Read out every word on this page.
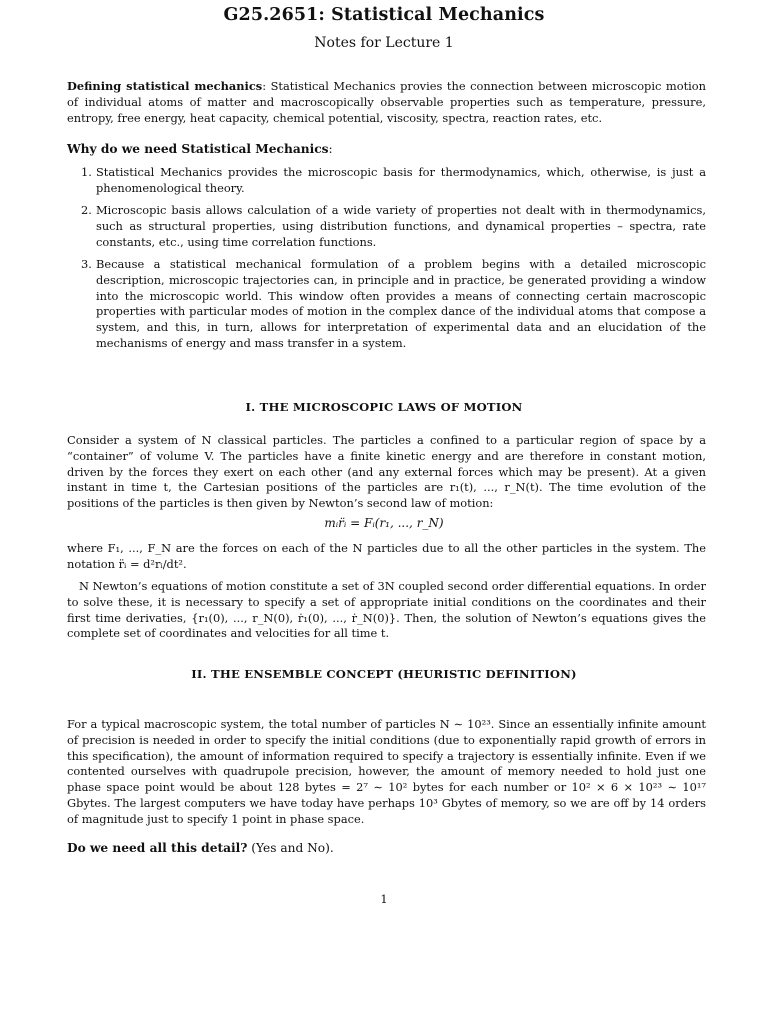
G25.2651: Statistical Mechanics
Notes for Lecture 1
Defining statistical mechanics: Statistical Mechanics provies the connection between microscopic motion of individual atoms of matter and macroscopically observable properties such as temperature, pressure, entropy, free energy, heat capacity, chemical potential, viscosity, spectra, reaction rates, etc.
Why do we need Statistical Mechanics:
1. Statistical Mechanics provides the microscopic basis for thermodynamics, which, otherwise, is just a phenomenological theory.
2. Microscopic basis allows calculation of a wide variety of properties not dealt with in thermodynamics, such as structural properties, using distribution functions, and dynamical properties – spectra, rate constants, etc., using time correlation functions.
3. Because a statistical mechanical formulation of a problem begins with a detailed microscopic description, microscopic trajectories can, in principle and in practice, be generated providing a window into the microscopic world. This window often provides a means of connecting certain macroscopic properties with particular modes of motion in the complex dance of the individual atoms that compose a system, and this, in turn, allows for interpretation of experimental data and an elucidation of the mechanisms of energy and mass transfer in a system.
I. THE MICROSCOPIC LAWS OF MOTION
Consider a system of N classical particles. The particles a confined to a particular region of space by a “container” of volume V. The particles have a finite kinetic energy and are therefore in constant motion, driven by the forces they exert on each other (and any external forces which may be present). At a given instant in time t, the Cartesian positions of the particles are r₁(t), ..., r_N(t). The time evolution of the positions of the particles is then given by Newton’s second law of motion:
mᵢr̈ᵢ = Fᵢ(r₁, ..., r_N)
where F₁, ..., F_N are the forces on each of the N particles due to all the other particles in the system. The notation r̈ᵢ = d²rᵢ/dt².
N Newton’s equations of motion constitute a set of 3N coupled second order differential equations. In order to solve these, it is necessary to specify a set of appropriate initial conditions on the coordinates and their first time derivaties, {r₁(0), ..., r_N(0), ṙ₁(0), ..., ṙ_N(0)}. Then, the solution of Newton’s equations gives the complete set of coordinates and velocities for all time t.
II. THE ENSEMBLE CONCEPT (HEURISTIC DEFINITION)
For a typical macroscopic system, the total number of particles N ∼ 10²³. Since an essentially infinite amount of precision is needed in order to specify the initial conditions (due to exponentially rapid growth of errors in this specification), the amount of information required to specify a trajectory is essentially infinite. Even if we contented ourselves with quadrupole precision, however, the amount of memory needed to hold just one phase space point would be about 128 bytes = 2⁷ ∼ 10² bytes for each number or 10² × 6 × 10²³ ∼ 10¹⁷ Gbytes. The largest computers we have today have perhaps 10³ Gbytes of memory, so we are off by 14 orders of magnitude just to specify 1 point in phase space.
Do we need all this detail? (Yes and No).
1
